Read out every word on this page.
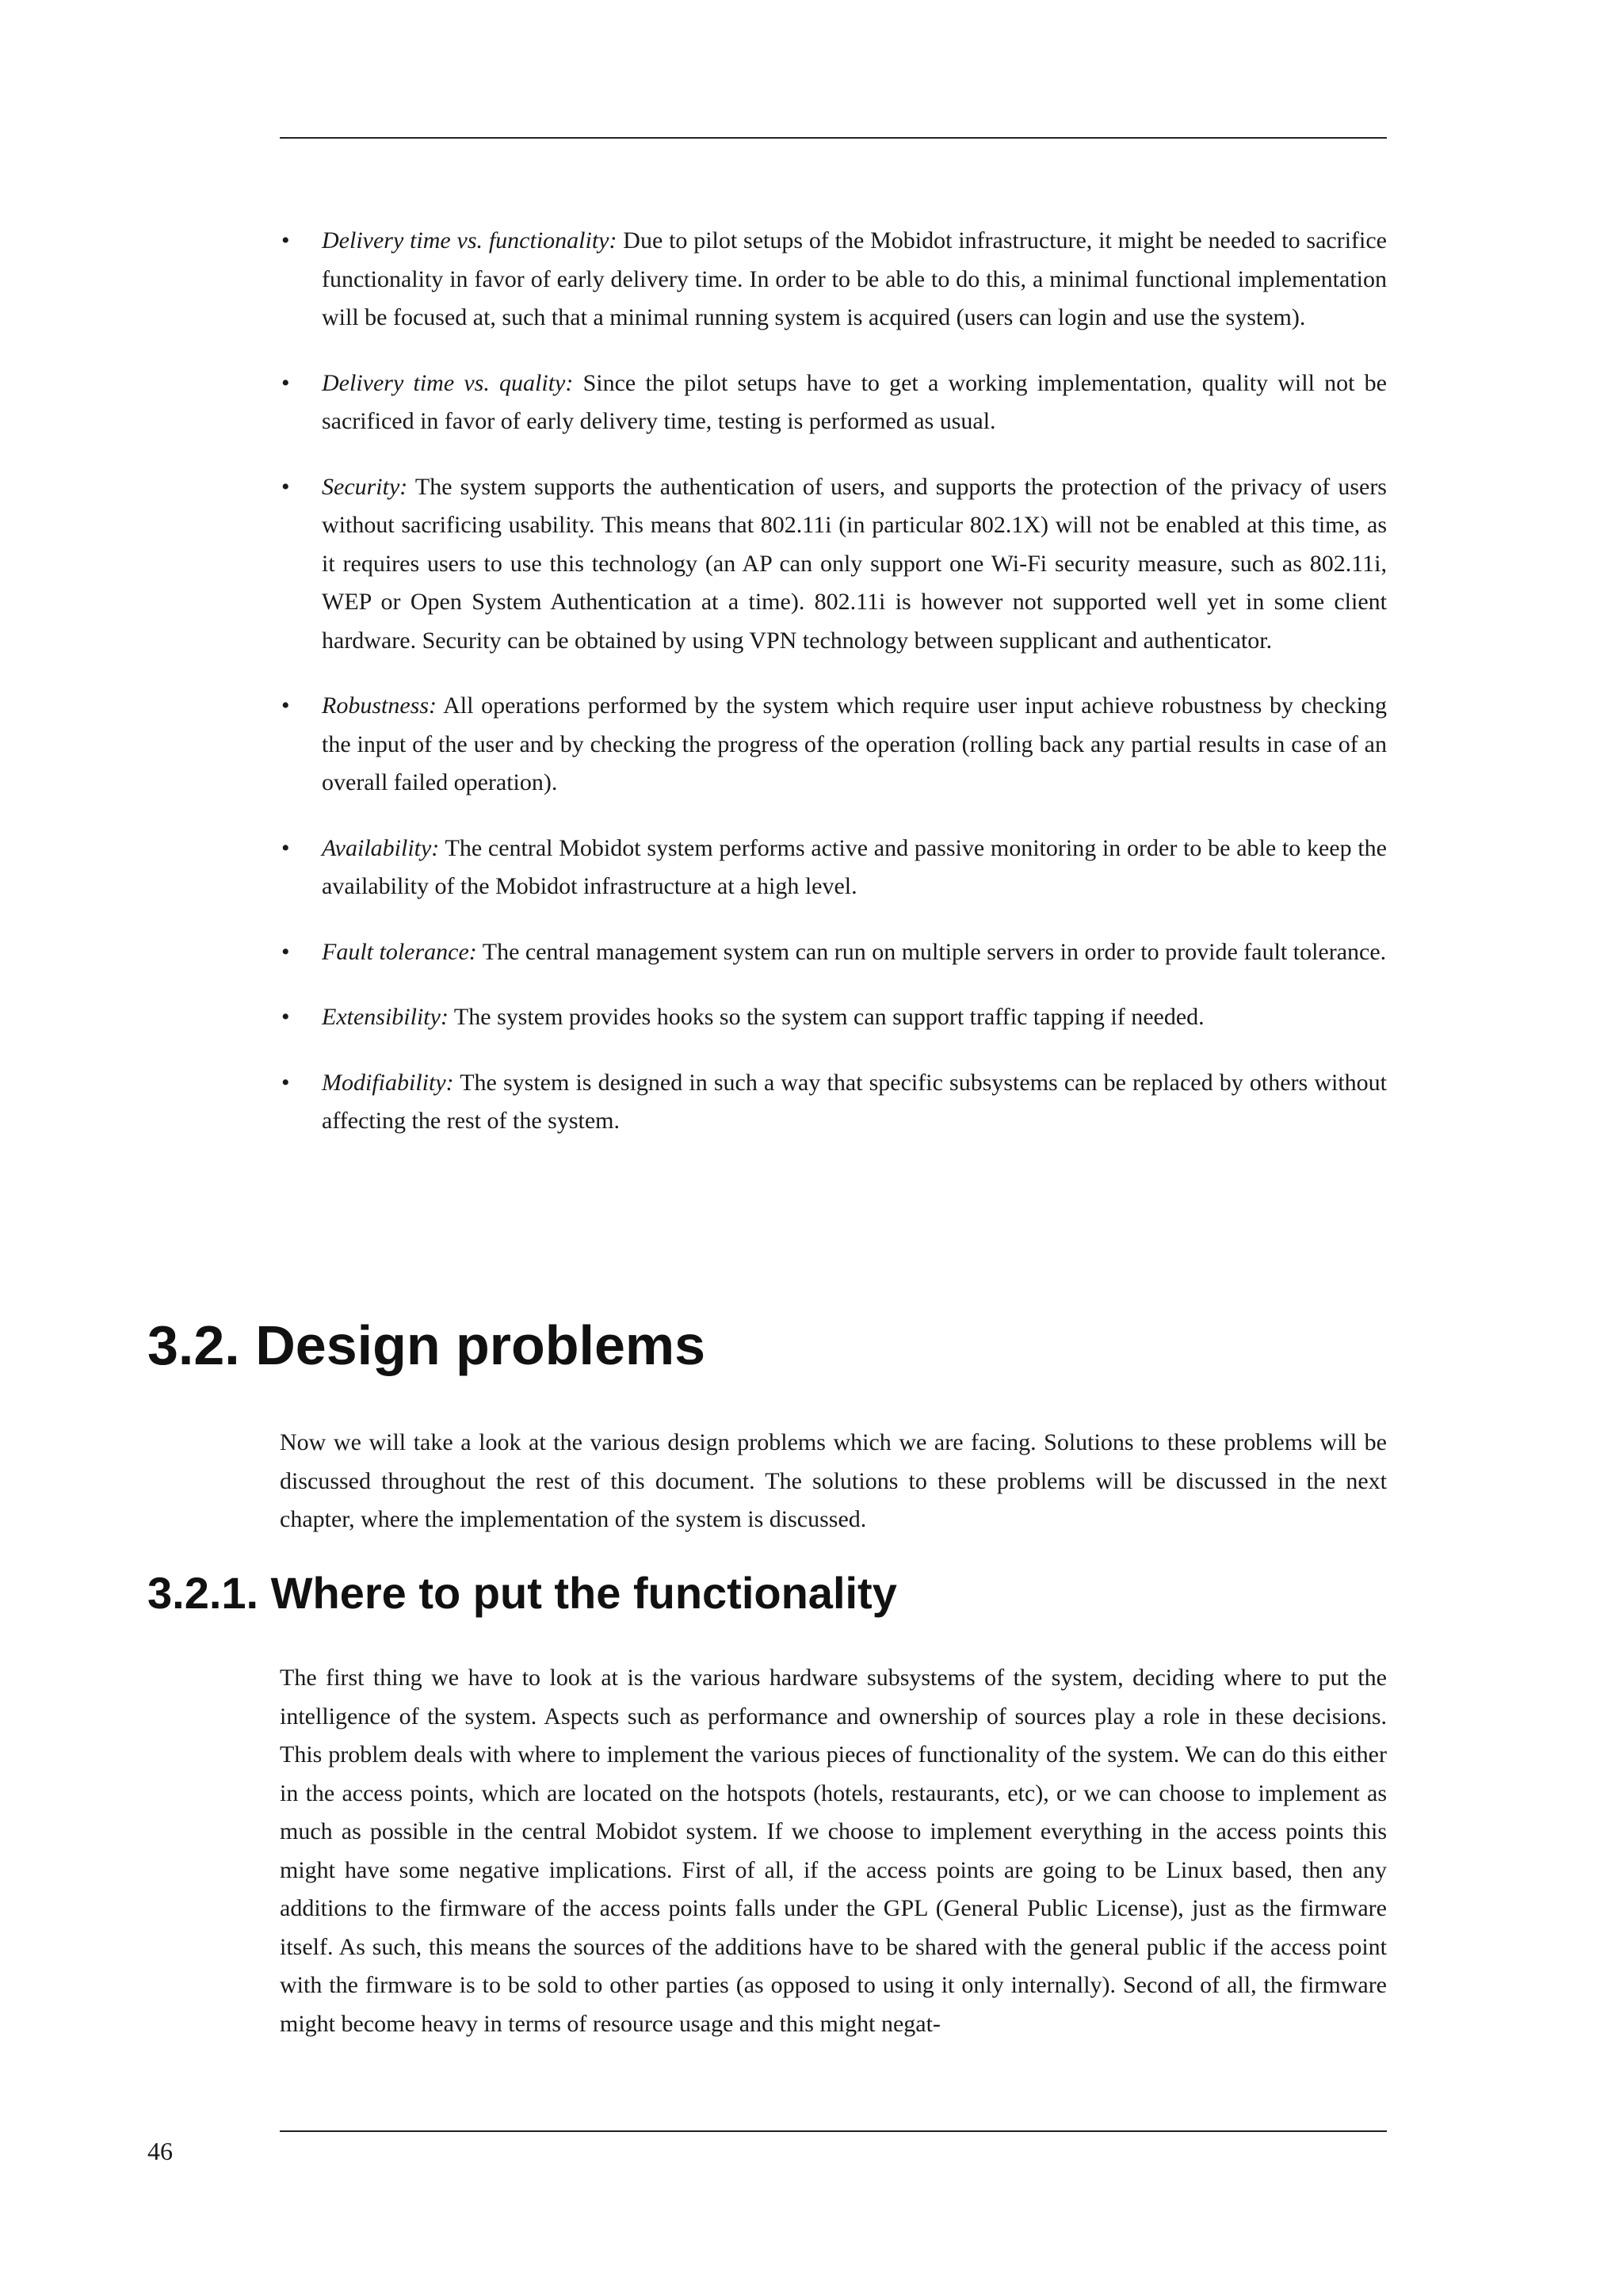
• Delivery time vs. functionality: Due to pilot setups of the Mobidot infrastructure, it might be needed to sacrifice functionality in favor of early delivery time. In order to be able to do this, a minimal functional implementation will be focused at, such that a minimal running system is acquired (users can login and use the system).
• Delivery time vs. quality: Since the pilot setups have to get a working implementation, quality will not be sacrificed in favor of early delivery time, testing is performed as usual.
• Security: The system supports the authentication of users, and supports the protection of the privacy of users without sacrificing usability. This means that 802.11i (in particular 802.1X) will not be enabled at this time, as it requires users to use this technology (an AP can only support one Wi-Fi security measure, such as 802.11i, WEP or Open System Authentication at a time). 802.11i is however not supported well yet in some client hardware. Security can be obtained by using VPN technology between supplicant and authenticator.
• Robustness: All operations performed by the system which require user input achieve robustness by checking the input of the user and by checking the progress of the operation (rolling back any partial results in case of an overall failed operation).
• Availability: The central Mobidot system performs active and passive monitoring in order to be able to keep the availability of the Mobidot infrastructure at a high level.
• Fault tolerance: The central management system can run on multiple servers in order to provide fault tolerance.
• Extensibility: The system provides hooks so the system can support traffic tapping if needed.
• Modifiability: The system is designed in such a way that specific subsystems can be replaced by others without affecting the rest of the system.
3.2. Design problems

Now we will take a look at the various design problems which we are facing. Solutions to these problems will be discussed throughout the rest of this document. The solutions to these problems will be discussed in the next chapter, where the implementation of the system is discussed.

3.2.1. Where to put the functionality

The first thing we have to look at is the various hardware subsystems of the system, deciding where to put the intelligence of the system. Aspects such as performance and ownership of sources play a role in these decisions. This problem deals with where to implement the various pieces of functionality of the system. We can do this either in the access points, which are located on the hotspots (hotels, restaurants, etc), or we can choose to implement as much as possible in the central Mobidot system. If we choose to implement everything in the access points this might have some negative implications. First of all, if the access points are going to be Linux based, then any additions to the firmware of the access points falls under the GPL (General Public License), just as the firmware itself. As such, this means the sources of the additions have to be shared with the general public if the access point with the firmware is to be sold to other parties (as opposed to using it only internally). Second of all, the firmware might become heavy in terms of resource usage and this might negat-

46
